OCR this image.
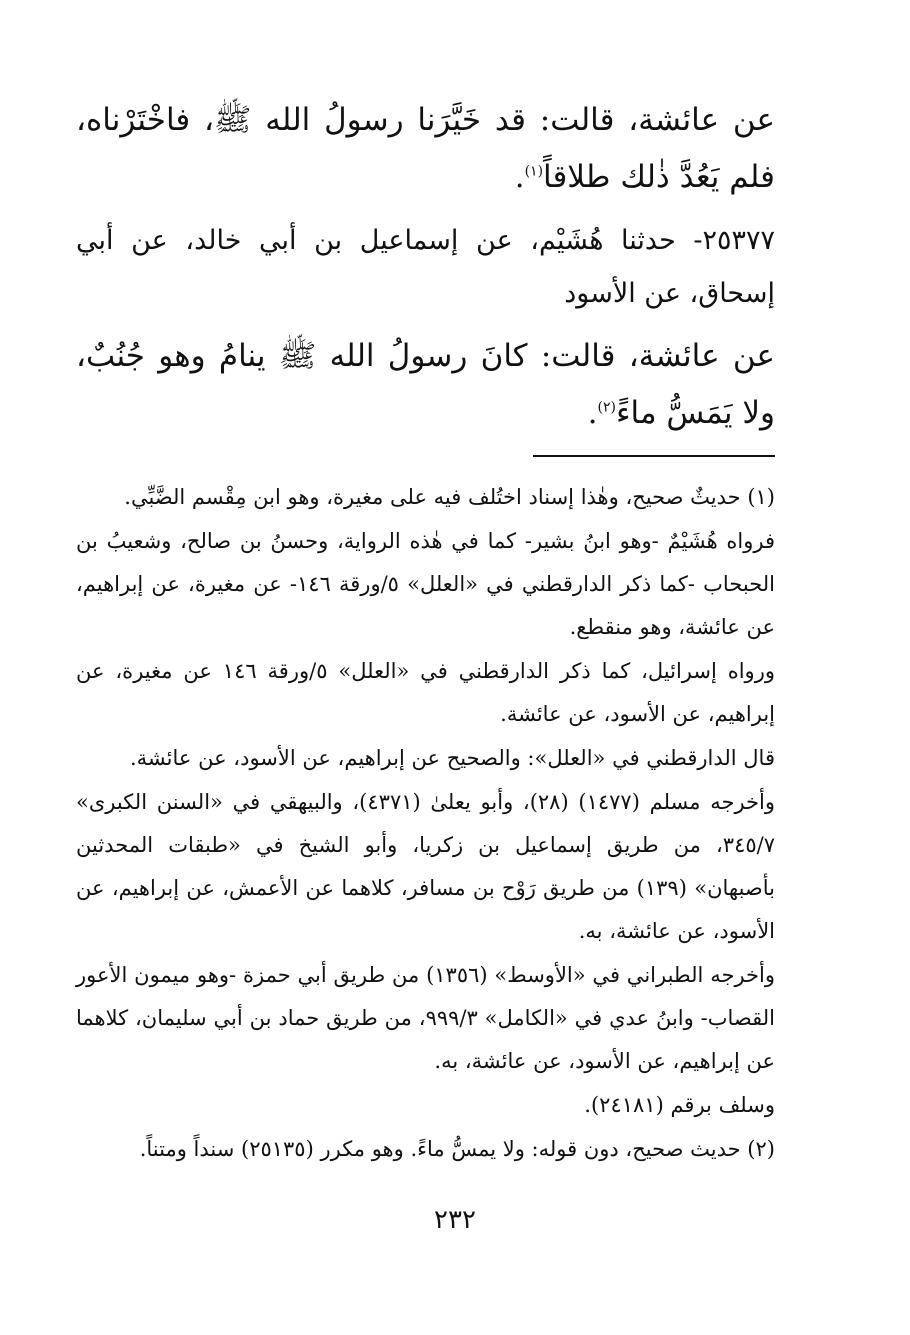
عن عائشة، قالت: قد خَيَّرَنا رسولُ الله ﷺ، فاخْتَرْناه، فلم يَعُدَّ ذٰلك طلاقاً$^{(١)}$.

٢٥٣٧٧- حدثنا هُشَيْم، عن إسماعيل بن أبي خالد، عن أبي إسحاق، عن الأسود

عن عائشة، قالت: كانَ رسولُ الله ﷺ ينامُ وهو جُنُبٌ، ولا يَمَسُّ ماءً$^{(٢)}$.

(١) حديثٌ صحيح، وهٰذا إسناد اختُلف فيه على مغيرة، وهو ابن مِقْسم الضَّبِّي.

فرواه هُشَيْمٌ -وهو ابنُ بشير- كما في هٰذه الرواية، وحسنُ بن صالح، وشعيبُ بن الحبحاب -كما ذكر الدارقطني في «العلل» ٥/ورقة ١٤٦- عن مغيرة، عن إبراهيم، عن عائشة، وهو منقطع.

ورواه إسرائيل، كما ذكر الدارقطني في «العلل» ٥/ورقة ١٤٦ عن مغيرة، عن إبراهيم، عن الأسود، عن عائشة.

قال الدارقطني في «العلل»: والصحيح عن إبراهيم، عن الأسود، عن عائشة.

وأخرجه مسلم (١٤٧٧) (٢٨)، وأبو يعلىٰ (٤٣٧١)، والبيهقي في «السنن الكبرى» ٣٤٥/٧، من طريق إسماعيل بن زكريا، وأبو الشيخ في «طبقات المحدثين بأصبهان» (١٣٩) من طريق رَوْح بن مسافر، كلاهما عن الأعمش، عن إبراهيم، عن الأسود، عن عائشة، به.

وأخرجه الطبراني في «الأوسط» (١٣٥٦) من طريق أبي حمزة -وهو ميمون الأعور القصاب- وابنُ عدي في «الكامل» ٩٩٩/٣، من طريق حماد بن أبي سليمان، كلاهما عن إبراهيم، عن الأسود، عن عائشة، به.

وسلف برقم (٢٤١٨١).

(٢) حديث صحيح، دون قوله: ولا يمسُّ ماءً. وهو مكرر (٢٥١٣٥) سنداً ومتناً.

٢٣٢
